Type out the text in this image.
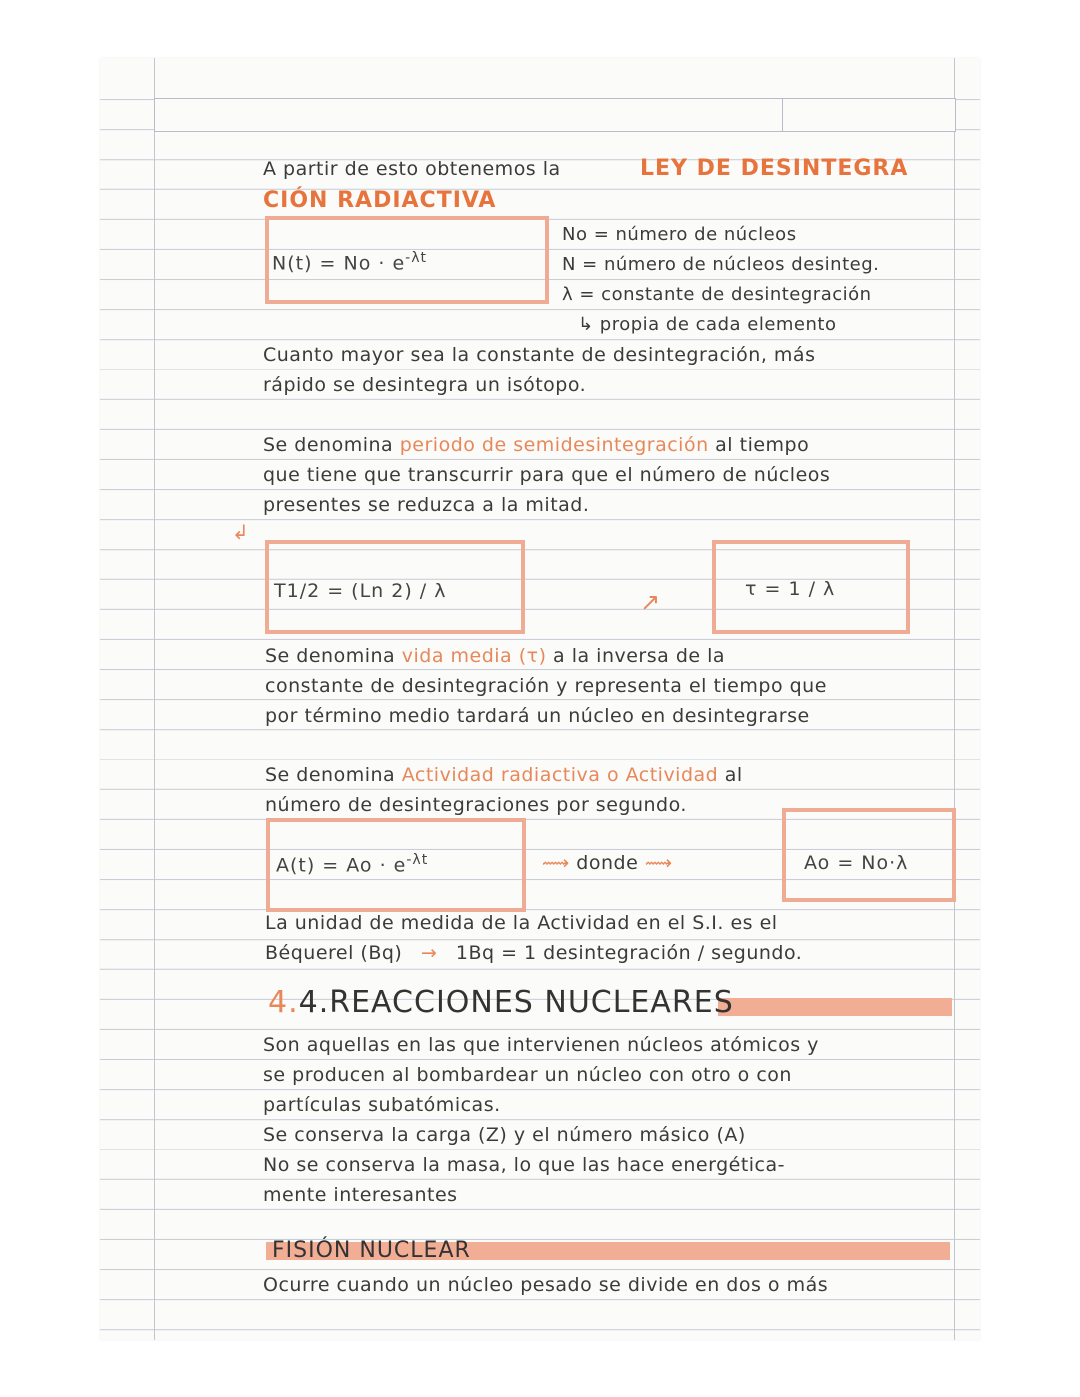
A partir de esto obtenemos la	LEY DE DESINTEGRA
CIÓN RADIACTIVA
$N(t) = No \cdot e^{-\lambda t}$
No = número de núcleos
N = número de núcleos desinteg.
λ = constante de desintegración
↳ propia de cada elemento
Cuanto mayor sea la constante de desintegración, más
rápido se desintegra un isótopo.
Se denomina periodo de semidesintegración al tiempo
que tiene que transcurrir para que el número de núcleos
presentes se reduzca a la mitad.
↲
T1/2 = (Ln 2) / λ	↗	τ = 1 / λ
Se denomina vida media (τ) a la inversa de la
constante de desintegración y representa el tiempo que
por término medio tardará un núcleo en desintegrarse
Se denomina Actividad radiactiva o Actividad al
número de desintegraciones por segundo.
$A(t) = Ao \cdot e^{-\lambda t}$	⟿ donde ⟿	Ao = No·λ
La unidad de medida de la Actividad en el S.I. es el
Béquerel (Bq) → 1Bq = 1 desintegración / segundo.
4.4.REACCIONES NUCLEARES
Son aquellas en las que intervienen núcleos atómicos y
se producen al bombardear un núcleo con otro o con
partículas subatómicas.
Se conserva la carga (Z) y el número másico (A)
No se conserva la masa, lo que las hace energética-
mente interesantes
FISIÓN NUCLEAR
Ocurre cuando un núcleo pesado se divide en dos o más
